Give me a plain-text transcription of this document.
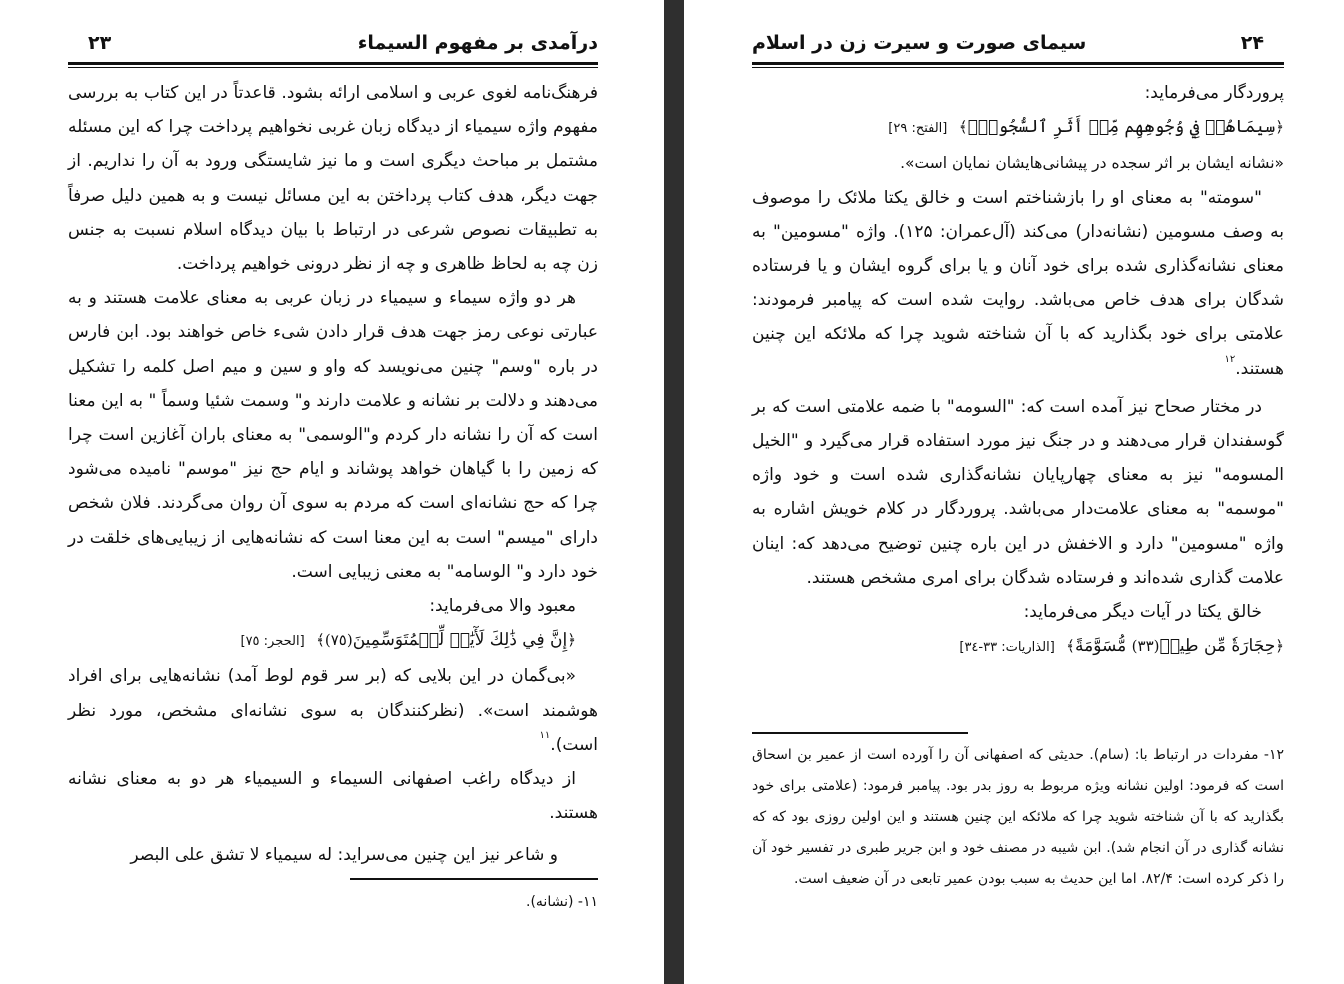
درآمدی بر مفهوم السیماء
۲۳

فرهنگ‌نامه لغوی عربی و اسلامی ارائه بشود. قاعدتاً در این کتاب به بررسی مفهوم واژه سیمیاء از دیدگاه زبان غربی نخواهیم پرداخت چرا که این مسئله مشتمل بر مباحث دیگری است و ما نیز شایستگی ورود به آن را نداریم. از جهت دیگر، هدف کتاب پرداختن به این مسائل نیست و به همین دلیل صرفاً به تطبیقات نصوص شرعی در ارتباط با بیان دیدگاه اسلام نسبت به جنس زن چه به لحاظ ظاهری و چه از نظر درونی خواهیم پرداخت.

هر دو واژه سیماء و سیمیاء در زبان عربی به معنای علامت هستند و به عبارتی نوعی رمز جهت هدف قرار دادن شیء خاص خواهند بود. ابن فارس در باره "وسم" چنین می‌نویسد که واو و سین و میم اصل کلمه را تشکیل می‌دهند و دلالت بر نشانه و علامت دارند و" وسمت شئیا وسماً " به این معنا است که آن را نشانه دار کردم و"الوسمی" به معنای باران آغازین است چرا که زمین را با گیاهان خواهد پوشاند و ایام حج نیز "موسم" نامیده می‌شود چرا که حج نشانه‌ای است که مردم به سوی آن روان می‌گردند. فلان شخص دارای "میسم" است به این معنا است که نشانه‌هایی از زیبایی‌های خلقت در خود دارد و" الوسامه" به معنی زیبایی است.

معبود والا می‌فرماید:

﴿إِنَّ فِي ذَٰلِكَ لَأٓيَٰتٖ لِّلۡمُتَوَسِّمِينَ(٧٥)﴾ [الحجر: ٧٥]

«بی‌گمان در این بلایی که (بر سر قوم لوط آمد) نشانه‌هایی برای افراد هوشمند است». (نظرکنندگان به سوی نشانه‌ای مشخص، مورد نظر است).$^{۱۱}$

از دیدگاه راغب اصفهانی السیماء و السیمیاء هر دو به معنای نشانه هستند.

و شاعر نیز این چنین می‌سراید: له سیمیاء لا تشق علی البصر

۱۱- (نشانه).

۲۴
سیمای صورت و سیرت زن در اسلام

پروردگار می‌فرماید:

﴿سِيمَاهُمۡ فِي وُجُوهِهِم مِّنۡ أَثَرِ ٱلسُّجُودِۚ﴾ [الفتح: ٢٩]

«نشانه ایشان بر اثر سجده در پیشانی‌هایشان نمایان است».

"سومته" به معنای او را بازشناختم است و خالق یکتا ملائک را موصوف به وصف مسومین (نشانه‌دار) می‌کند (آل‌عمران: ۱۲۵). واژه "مسومین" به معنای نشانه‌گذاری شده برای خود آنان و یا برای گروه ایشان و یا فرستاده شدگان برای هدف خاص می‌باشد. روایت شده است که پیامبر فرمودند: علامتی برای خود بگذارید که با آن شناخته شوید چرا که ملائکه این چنین هستند.$^{۱۲}$

در مختار صحاح نیز آمده است که: "السومه" با ضمه علامتی است که بر گوسفندان قرار می‌دهند و در جنگ نیز مورد استفاده قرار می‌گیرد و "الخیل المسومه" نیز به معنای چهارپایان نشانه‌گذاری شده است و خود واژه "موسمه" به معنای علامت‌دار می‌باشد. پروردگار در کلام خویش اشاره به واژه "مسومین" دارد و الاخفش در این باره چنین توضیح می‌دهد که: اینان علامت گذاری شده‌اند و فرستاده شدگان برای امری مشخص هستند.

خالق یکتا در آیات دیگر می‌فرماید:

﴿حِجَارَةٗ مِّن طِينٖ(٣٣) مُّسَوَّمَةً﴾ [الذاريات: ٣٣-٣٤]

۱۲- مفردات در ارتباط با: (سام). حدیثی که اصفهانی آن را آورده است از عمیر بن اسحاق است که فرمود: اولین نشانه ویژه مربوط به روز بدر بود. پیامبر فرمود: (علامتی برای خود بگذارید که با آن شناخته شوید چرا که ملائکه این چنین هستند و این اولین روزی بود که که نشانه گذاری در آن انجام شد). ابن شیبه در مصنف خود و ابن جریر طبری در تفسیر خود آن را ذکر کرده است: ۸۲/۴. اما این حدیث به سبب بودن عمیر تابعی در آن ضعیف است.
